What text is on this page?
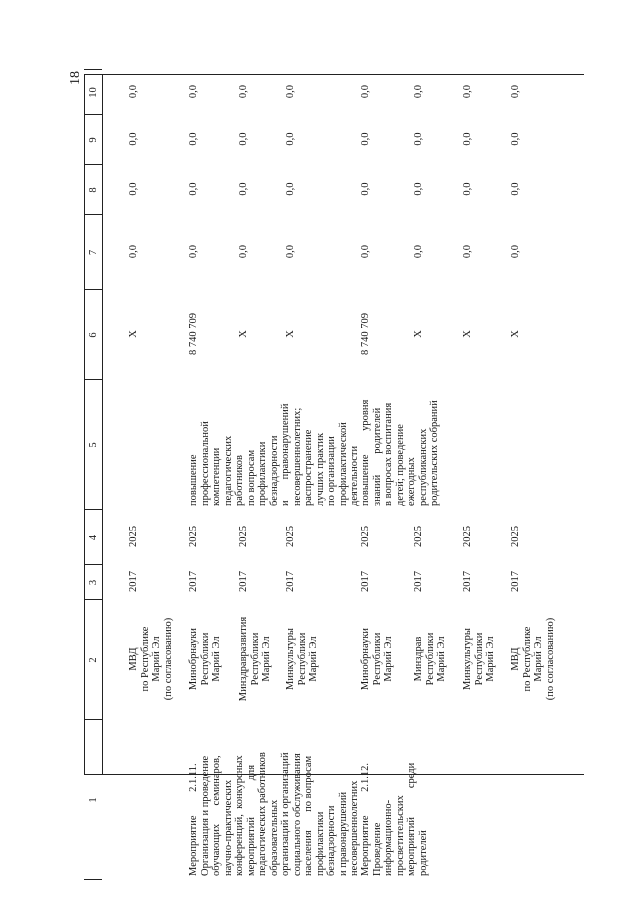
18
1
2
3
4
5
6
7
8
9
10
МВД
по Республике
Марий Эл
(по согласованию)
2017
2025
Х
0,0
0,0
0,0
0,0
Мероприятие         2.1.11.
Организация и проведение
обучающих       семинаров,
научно-практических
конференций,  конкурсных
мероприятий              для
педагогических работников
образовательных
организаций и организаций
социального обслуживания
населения       по вопросам
профилактики
безнадзорности
и правонарушений
несовершеннолетних
Минобрнауки
Республики
Марий Эл
2017
2025
повышение
профессиональной
компетенции
педагогических
работников
по вопросам
профилактики
безнадзорности
и        правонарушений
несовершеннолетних;
распространение
лучших практик
по организации
профилактической
деятельности
8 740 709
0,0
0,0
0,0
0,0
Минздравразвития
Республики
Марий Эл
2017
2025
Х
0,0
0,0
0,0
0,0
Минкультуры
Республики
Марий Эл
2017
2025
Х
0,0
0,0
0,0
0,0
Мероприятие         2.1.12.
Проведение
информационно-
просветительских
мероприятий           среди
родителей
Минобрнауки
Республики
Марий Эл
2017
2025
повышение         уровня
знаний        родителей
в вопросах воспитания
детей; проведение
ежегодных
республиканских
родительских собраний
8 740 709
0,0
0,0
0,0
0,0
Минздрав
Республики
Марий Эл
2017
2025
Х
0,0
0,0
0,0
0,0
Минкультуры
Республики
Марий Эл
2017
2025
Х
0,0
0,0
0,0
0,0
МВД
по Республике
Марий Эл
(по согласованию)
2017
2025
Х
0,0
0,0
0,0
0,0
